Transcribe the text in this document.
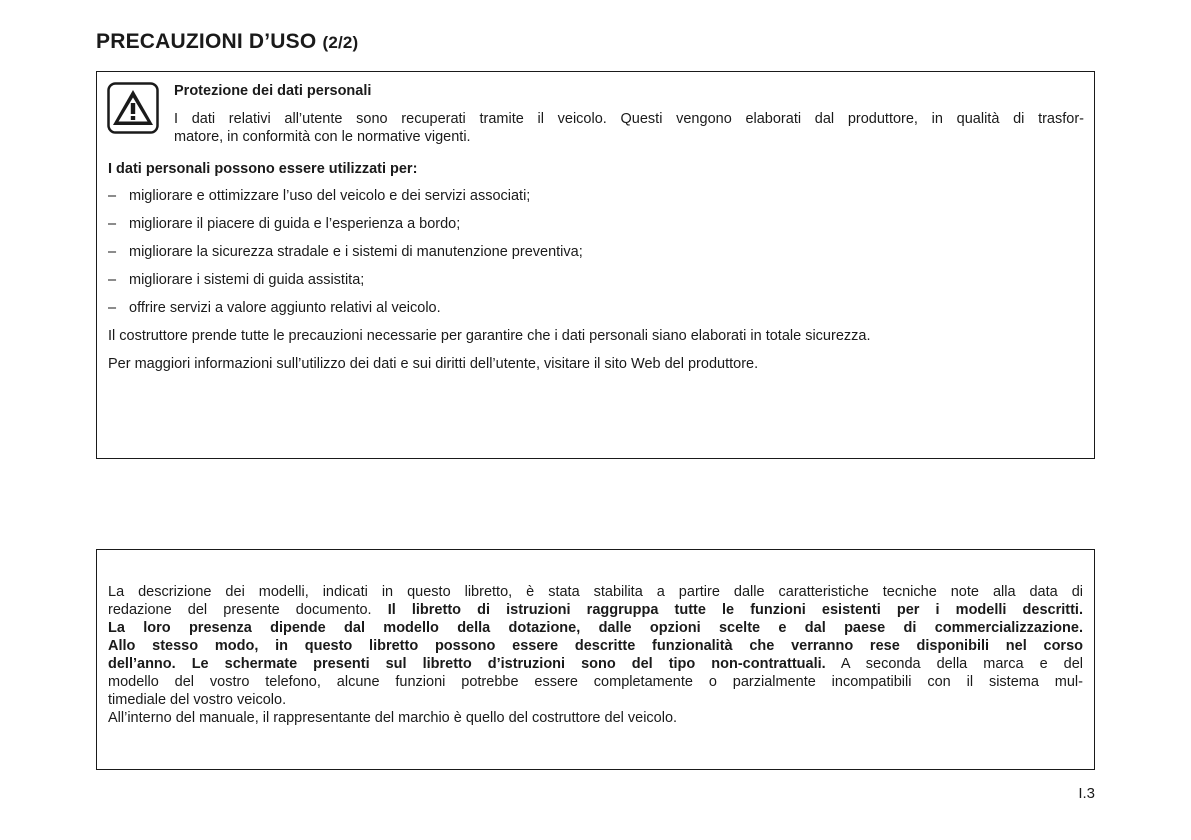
PRECAUZIONI D’USO (2/2)
Protezione dei dati personali
I dati relativi all’utente sono recuperati tramite il veicolo. Questi vengono elaborati dal produttore, in qualità di trasfor-
matore, in conformità con le normative vigenti.
I dati personali possono essere utilizzati per:
– migliorare e ottimizzare l’uso del veicolo e dei servizi associati;
– migliorare il piacere di guida e l’esperienza a bordo;
– migliorare la sicurezza stradale e i sistemi di manutenzione preventiva;
– migliorare i sistemi di guida assistita;
– offrire servizi a valore aggiunto relativi al veicolo.
Il costruttore prende tutte le precauzioni necessarie per garantire che i dati personali siano elaborati in totale sicurezza.
Per maggiori informazioni sull’utilizzo dei dati e sui diritti dell’utente, visitare il sito Web del produttore.
La descrizione dei modelli, indicati in questo libretto, è stata stabilita a partire dalle caratteristiche tecniche note alla data di
redazione del presente documento. Il libretto di istruzioni raggruppa tutte le funzioni esistenti per i modelli descritti.
La loro presenza dipende dal modello della dotazione, dalle opzioni scelte e dal paese di commercializzazione.
Allo stesso modo, in questo libretto possono essere descritte funzionalità che verranno rese disponibili nel corso
dell’anno. Le schermate presenti sul libretto d’istruzioni sono del tipo non-contrattuali. A seconda della marca e del
modello del vostro telefono, alcune funzioni potrebbe essere completamente o parzialmente incompatibili con il sistema mul-
timediale del vostro veicolo.
All’interno del manuale, il rappresentante del marchio è quello del costruttore del veicolo.
I.3
